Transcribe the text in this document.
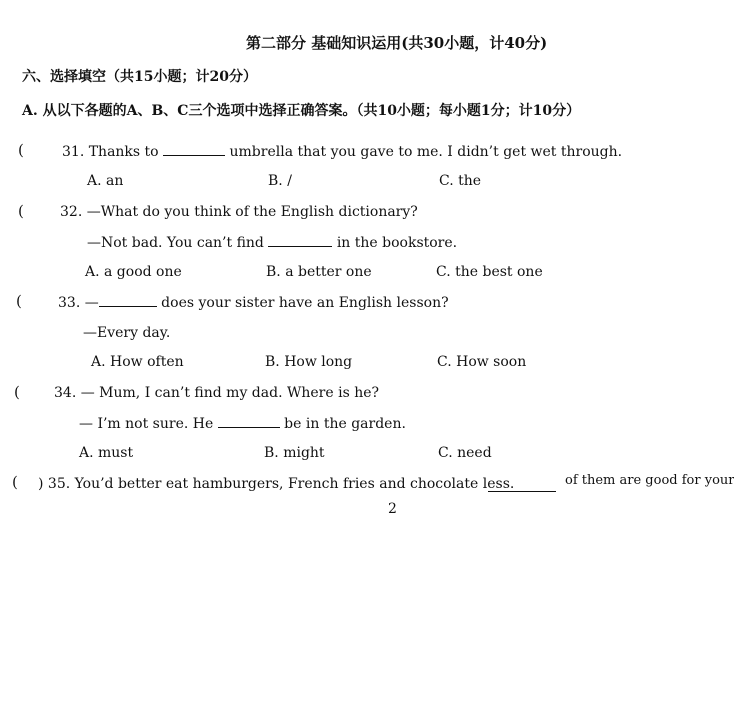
第二部分 基础知识运用(共30小题，计40分)
六、选择填空（共15小题；计20分）
A. 从以下各题的A、B、C三个选项中选择正确答案。（共10小题；每小题1分；计10分）
(	31. Thanks to	umbrella that you gave to me. I didn’t get wet through.
A. an	B. /	C. the
(	32. —What do you think of the English dictionary?
—Not bad. You can’t find	in the bookstore.
A. a good one	B. a better one	C. the best one
(	33. —	does your sister have an English lesson?
—Every day.
A. How often	B. How long	C. How soon
( 34. — Mum, I can’t find my dad. Where is he?
— I’m not sure. He	be in the garden.
A. must	B. might	C. need
( ) 35. You’d better eat hamburgers, French fries and chocolate less.	of them are good for your
2
